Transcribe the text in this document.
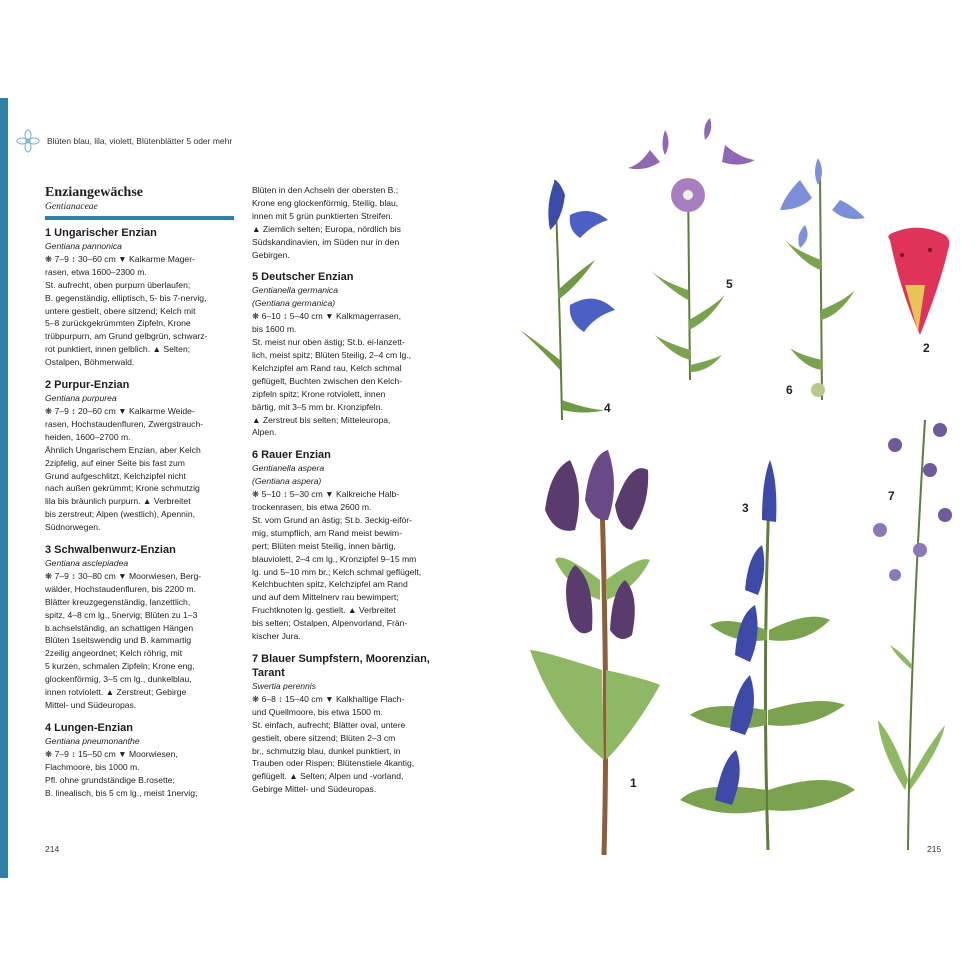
Blüten blau, lila, violett, Blütenblätter 5 oder mehr
Enziangewächse
Gentianaceae
1 Ungarischer Enzian
Gentiana pannonica
❋ 7–9 ↕ 30–60 cm ▼ Kalkarme Mager-
rasen, etwa 1600–2300 m.
St. aufrecht, oben purpurn überlaufen;
B. gegenständig, elliptisch, 5- bis 7-nervig,
untere gestielt, obere sitzend; Kelch mit
5–8 zurückgekrümmten Zipfeln, Krone
trübpurpurn, am Grund gelbgrün, schwarz-
rot punktiert, innen gelblich. ▲ Selten;
Ostalpen, Böhmerwald.
2 Purpur-Enzian
Gentiana purpurea
❋ 7–9 ↕ 20–60 cm ▼ Kalkarme Weide-
rasen, Hochstaudenfluren, Zwergstrauch-
heiden, 1600–2700 m.
Ähnlich Ungarischem Enzian, aber Kelch
2zipfelig, auf einer Seite bis fast zum
Grund aufgeschlitzt, Kelchzipfel nicht
nach außen gekrümmt; Krone schmutzig
lila bis bräunlich purpurn. ▲ Verbreitet
bis zerstreut; Alpen (westlich), Apennin,
Südnorwegen.
3 Schwalbenwurz-Enzian
Gentiana asclepiadea
❋ 7–9 ↕ 30–80 cm ▼ Moorwiesen, Berg-
wälder, Hochstaudenfluren, bis 2200 m.
Blätter kreuzgegenständig, lanzettlich,
spitz, 4–8 cm lg., 5nervig; Blüten zu 1–3
b.achselständig, an schattigen Hängen
Blüten 1seitswendig und B. kammartig
2zeilig angeordnet; Kelch röhrig, mit
5 kurzen, schmalen Zipfeln; Krone eng,
glockenförmig, 3–5 cm lg., dunkelblau,
innen rotviolett. ▲ Zerstreut; Gebirge
Mittel- und Südeuropas.
4 Lungen-Enzian
Gentiana pneumonanthe
❋ 7–9 ↕ 15–50 cm ▼ Moorwiesen,
Flachmoore, bis 1000 m.
Pfl. ohne grundständige B.rosette;
B. linealisch, bis 5 cm lg., meist 1nervig;
Blüten in den Achseln der obersten B.;
Krone eng glockenförmig, 5teilig, blau,
innen mit 5 grün punktierten Streifen.
▲ Ziemlich selten; Europa, nördlich bis
Südskandinavien, im Süden nur in den
Gebirgen.
5 Deutscher Enzian
Gentianella germanica
(Gentiana germanica)
❋ 6–10 ↕ 5–40 cm ▼ Kalkmagerrasen,
bis 1600 m.
St. meist nur oben ästig; St.b. ei-lanzett-
lich, meist spitz; Blüten 5teilig, 2–4 cm lg.,
Kelchzipfel am Rand rau, Kelch schmal
geflügelt, Buchten zwischen den Kelch-
zipfeln spitz; Krone rotviolett, innen
bärtig, mit 3–5 mm br. Kronzipfeln.
▲ Zerstreut bis selten; Mitteleuropa,
Alpen.
6 Rauer Enzian
Gentianella aspera
(Gentiana aspera)
❋ 5–10 ↕ 5–30 cm ▼ Kalkreiche Halb-
trockenrasen, bis etwa 2600 m.
St. vom Grund an ästig; St.b. 3eckig-eiför-
mig, stumpflich, am Rand meist bewim-
pert; Blüten meist 5teilig, innen bärtig,
blauviolett, 2–4 cm lg., Kronzipfel 9–15 mm
lg. und 5–10 mm br.; Kelch schmal geflügelt,
Kelchbuchten spitz, Kelchzipfel am Rand
und auf dem Mittelnerv rau bewimpert;
Fruchtknoten lg. gestielt. ▲ Verbreitet
bis selten; Ostalpen, Alpenvorland, Frän-
kischer Jura.
7 Blauer Sumpfstern, Moorenzian, Tarant
Swertia perennis
❋ 6–8 ↕ 15–40 cm ▼ Kalkhaltige Flach-
und Quellmoore, bis etwa 1500 m.
St. einfach, aufrecht; Blätter oval, untere
gestielt, obere sitzend; Blüten 2–3 cm
br., schmutzig blau, dunkel punktiert, in
Trauben oder Rispen; Blütenstiele 4kantig,
geflügelt. ▲ Selten; Alpen und -vorland,
Gebirge Mittel- und Südeuropas.
4
5
6
2
3
7
1
214	215
